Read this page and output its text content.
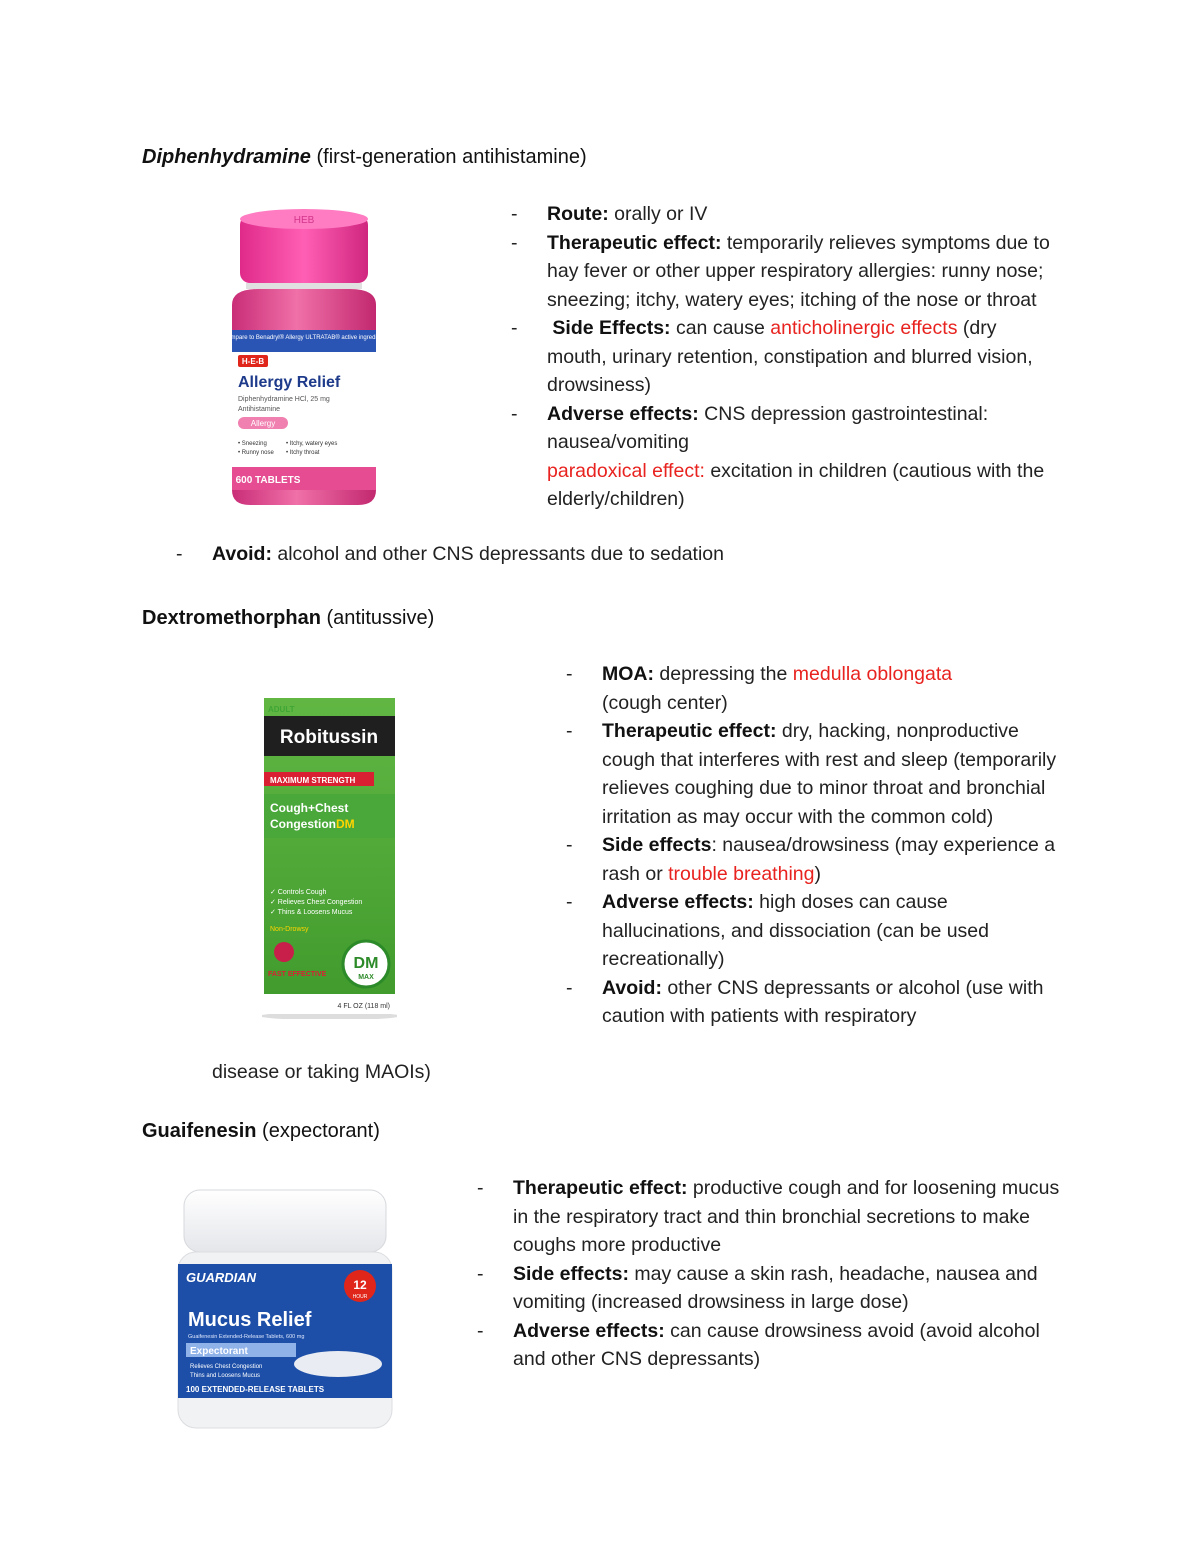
Diphenhydramine (first-generation antihistamine)
HEB
Compare to Benadryl® Allergy ULTRATAB® active ingredient
H-E-B
Allergy Relief
Diphenhydramine HCl, 25 mg
Antihistamine
Allergy
• Sneezing
• Runny nose
• Itchy, watery eyes
• Itchy throat
600 TABLETS
- Route: orally or IV
- Therapeutic effect: temporarily relieves symptoms due to hay fever or other upper respiratory allergies: runny nose; sneezing; itchy, watery eyes; itching of the nose or throat
- Side Effects: can cause anticholinergic effects (dry mouth, urinary retention, constipation and blurred vision, drowsiness)
- Adverse effects: CNS depression gastrointestinal: nausea/vomiting
paradoxical effect: excitation in children (cautious with the elderly/children)
- Avoid: alcohol and other CNS depressants due to sedation
Dextromethorphan (antitussive)
ADULT
Robitussin
MAXIMUM STRENGTH
Cough+Chest
CongestionDM
✓ Controls Cough
✓ Relieves Chest Congestion
✓ Thins & Loosens Mucus
Non-Drowsy
FAST EFFECTIVE
DM
MAX
4 FL OZ (118 ml)
- MOA: depressing the medulla oblongata
(cough center)
- Therapeutic effect: dry, hacking, nonproductive cough that interferes with rest and sleep (temporarily relieves coughing due to minor throat and bronchial irritation as may occur with the common cold)
- Side effects: nausea/drowsiness (may experience a rash or trouble breathing)
- Adverse effects: high doses can cause hallucinations, and dissociation (can be used recreationally)
- Avoid: other CNS depressants or alcohol (use with caution with patients with respiratory
disease or taking MAOIs)
Guaifenesin (expectorant)
GUARDIAN	12
HOUR
Mucus Relief
Guaifenesin Extended-Release Tablets, 600 mg
Expectorant
Relieves Chest Congestion
Thins and Loosens Mucus
100 EXTENDED-RELEASE TABLETS
- Therapeutic effect: productive cough and for loosening mucus in the respiratory tract and thin bronchial secretions to make coughs more productive
- Side effects: may cause a skin rash, headache, nausea and vomiting (increased drowsiness in large dose)
- Adverse effects: can cause drowsiness avoid (avoid alcohol and other CNS depressants)
